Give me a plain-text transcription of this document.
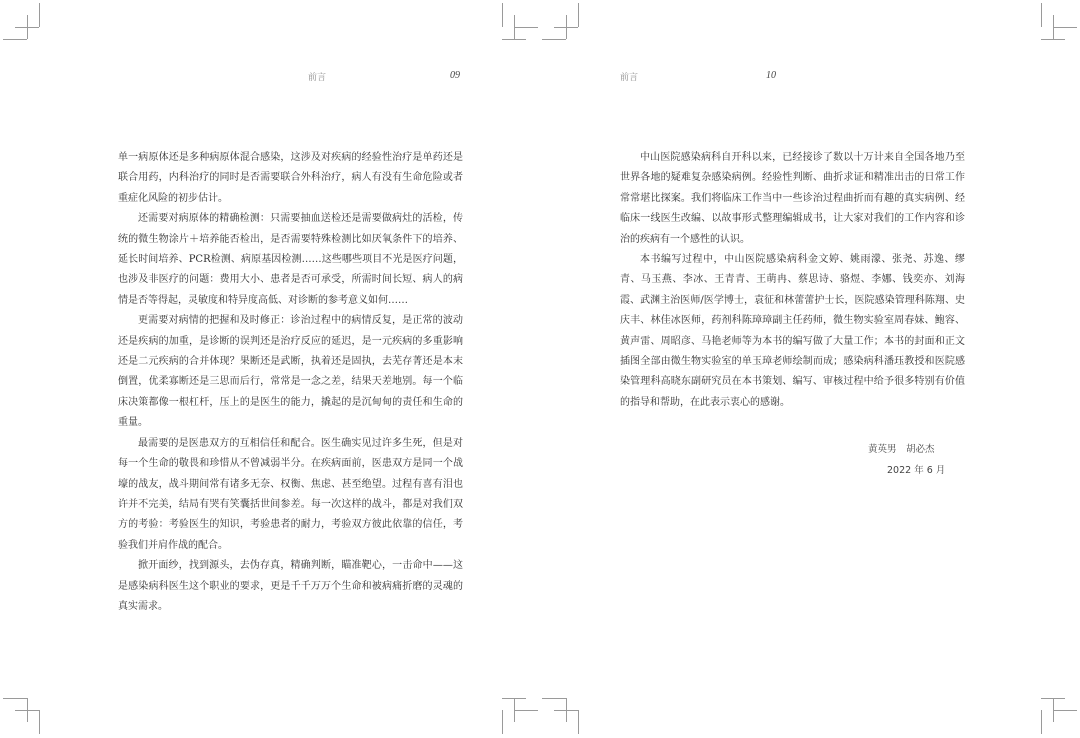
前言	09

单一病原体还是多种病原体混合感染，这涉及对疾病的经验性治疗是单药还是联合用药，内科治疗的同时是否需要联合外科治疗，病人有没有生命危险或者重症化风险的初步估计。

还需要对病原体的精确检测：只需要抽血送检还是需要做病灶的活检，传统的微生物涂片＋培养能否检出，是否需要特殊检测比如厌氧条件下的培养、延长时间培养、PCR检测、病原基因检测……这些哪些项目不光是医疗问题，也涉及非医疗的问题：费用大小、患者是否可承受，所需时间长短、病人的病情是否等得起，灵敏度和特异度高低、对诊断的参考意义如何……

更需要对病情的把握和及时修正：诊治过程中的病情反复，是正常的波动还是疾病的加重，是诊断的误判还是治疗反应的延迟，是一元疾病的多重影响还是二元疾病的合并体现？果断还是武断，执着还是固执，去芜存菁还是本末倒置，优柔寡断还是三思而后行，常常是一念之差，结果天差地别。每一个临床决策都像一根杠杆，压上的是医生的能力，撬起的是沉甸甸的责任和生命的重量。

最需要的是医患双方的互相信任和配合。医生确实见过许多生死，但是对每一个生命的敬畏和珍惜从不曾减弱半分。在疾病面前，医患双方是同一个战壕的战友，战斗期间常有诸多无奈、权衡、焦虑、甚至绝望。过程有喜有泪也许并不完美，结局有哭有笑囊括世间参差。每一次这样的战斗，都是对我们双方的考验：考验医生的知识，考验患者的耐力，考验双方彼此依靠的信任，考验我们并肩作战的配合。

掀开面纱，找到源头，去伪存真，精确判断，瞄准靶心，一击命中——这是感染病科医生这个职业的要求，更是千千万万个生命和被病痛折磨的灵魂的真实需求。

前言	10

中山医院感染病科自开科以来，已经接诊了数以十万计来自全国各地乃至世界各地的疑难复杂感染病例。经验性判断、曲折求证和精准出击的日常工作常常堪比探案。我们将临床工作当中一些诊治过程曲折而有趣的真实病例、经临床一线医生改编、以故事形式整理编辑成书，让大家对我们的工作内容和诊治的疾病有一个感性的认识。

本书编写过程中，中山医院感染病科金文婷、姚雨濛、张尧、苏逸、缪青、马玉燕、李冰、王青青、王萌冉、蔡思诗、骆煜、李娜、钱奕亦、刘海霞、武渊主治医师/医学博士，袁征和林蕾蕾护士长，医院感染管理科陈翔、史庆丰、林佳冰医师，药剂科陈璋璋副主任药师，微生物实验室周春妹、鲍容、黄声雷、周昭彦、马艳老师等为本书的编写做了大量工作；本书的封面和正文插图全部由微生物实验室的单玉璋老师绘制而成；感染病科潘珏教授和医院感染管理科高晓东副研究员在本书策划、编写、审核过程中给予很多特别有价值的指导和帮助，在此表示衷心的感谢。

黄英男　胡必杰
2022 年 6 月
